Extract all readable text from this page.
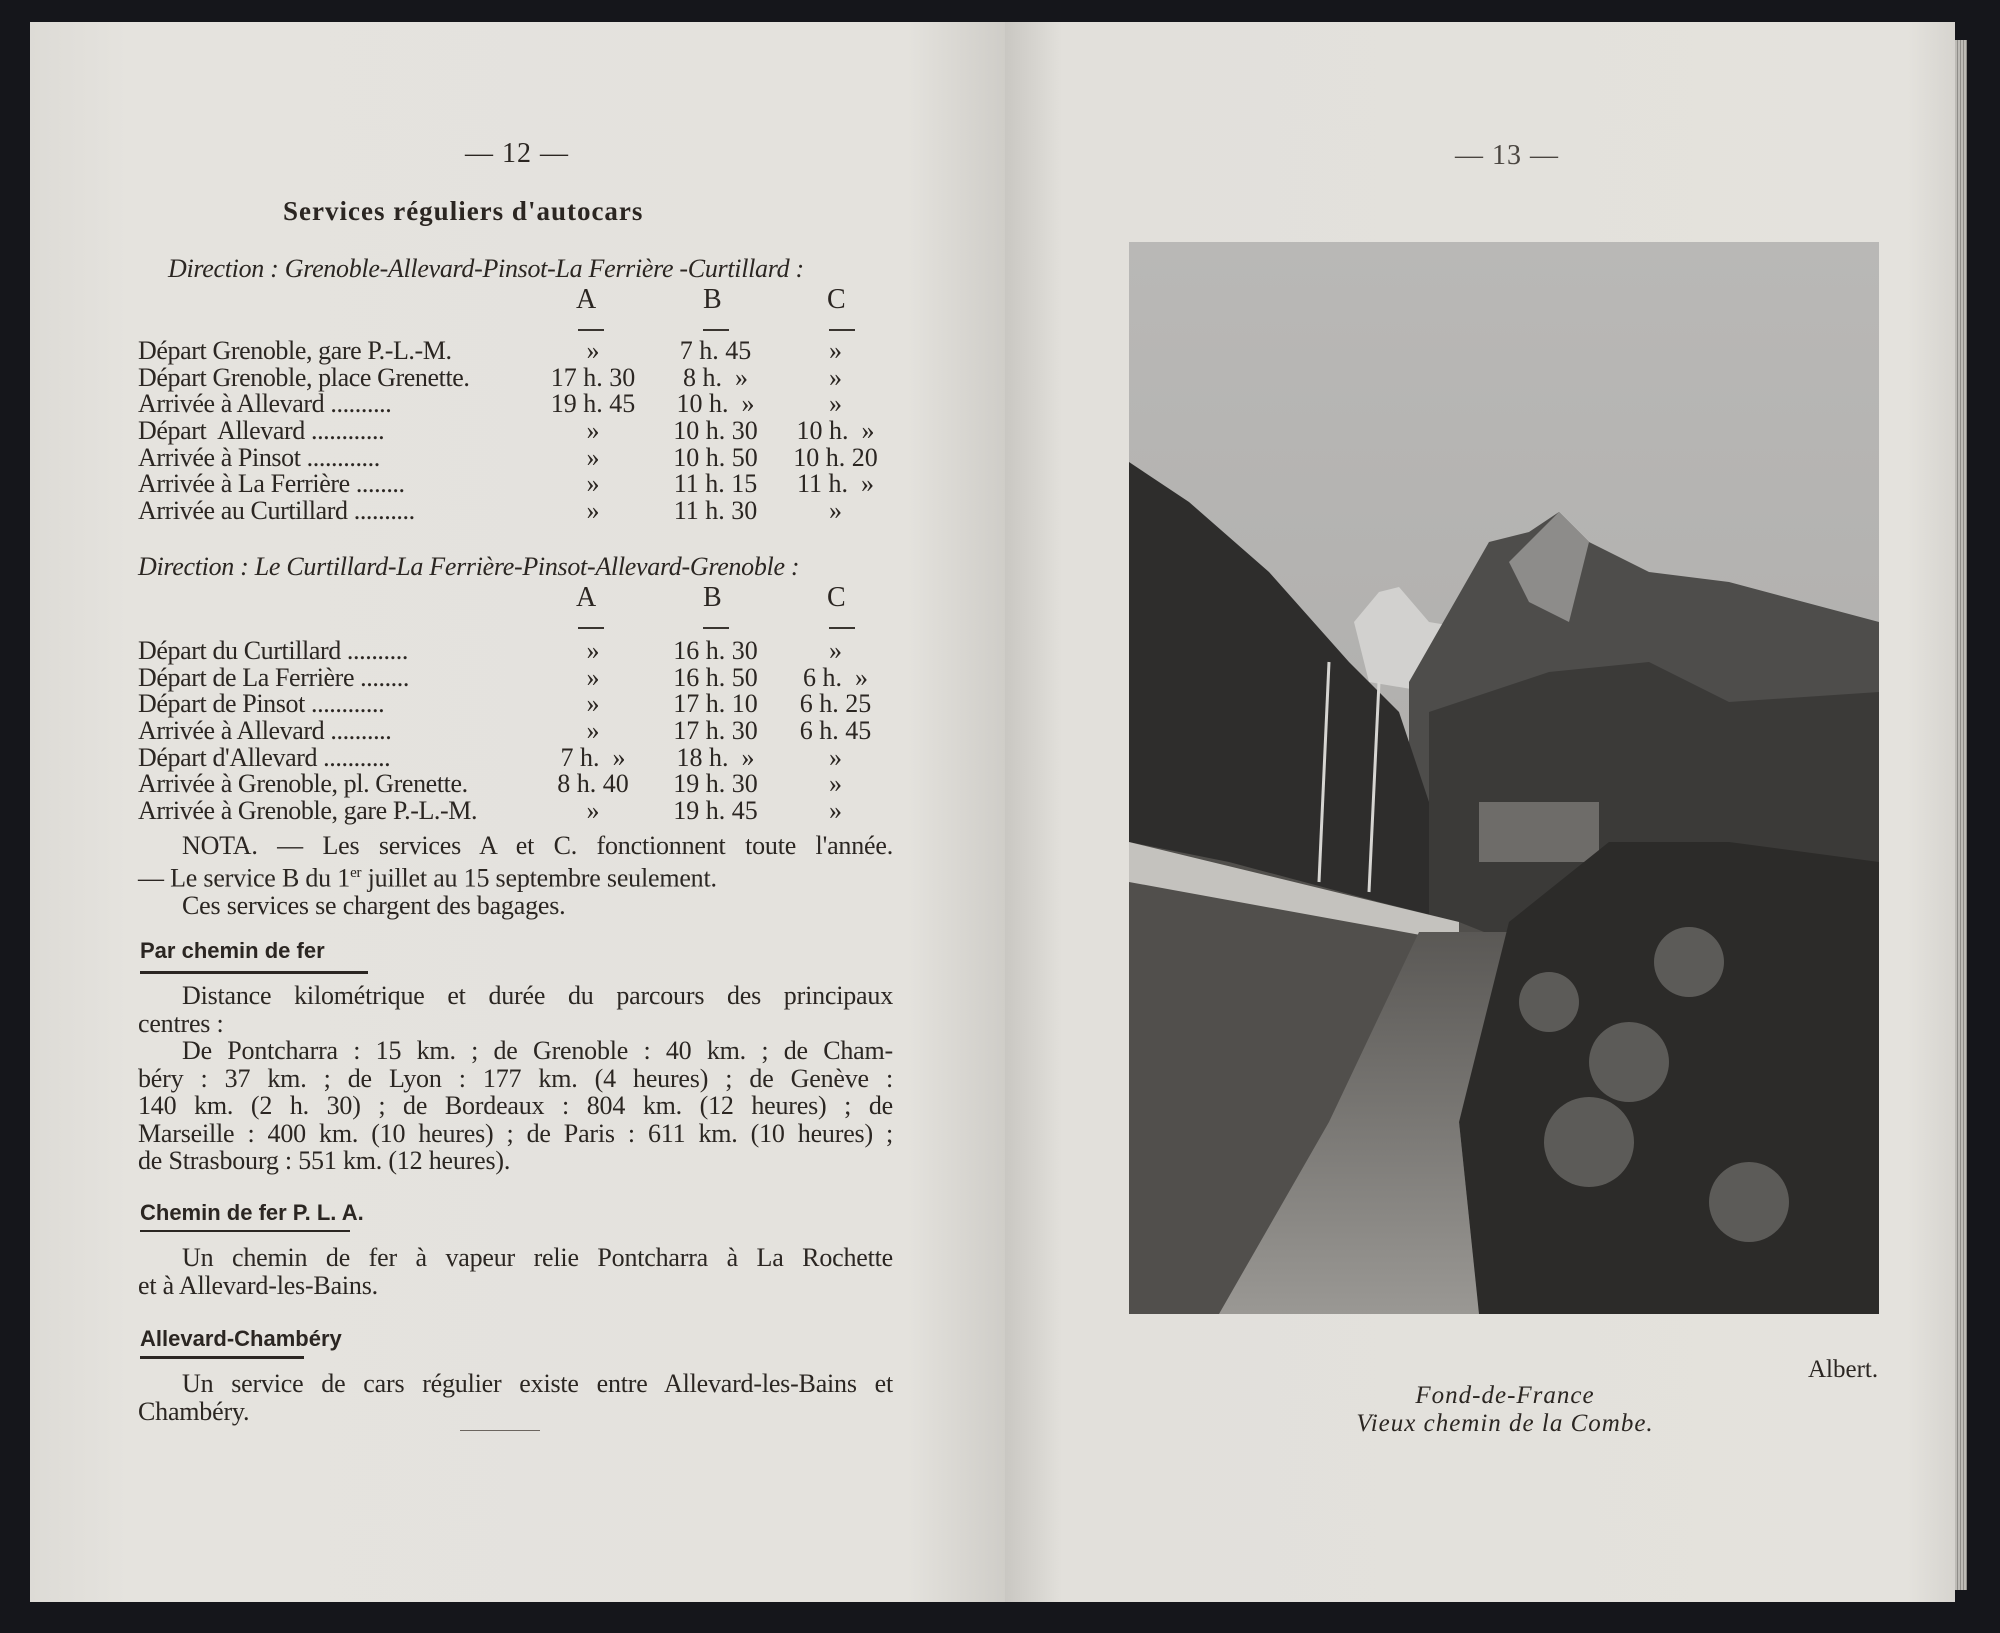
— 12 —
Services réguliers d'autocars
Direction : Grenoble-Allevard-Pinsot-La Ferrière -Curtillard :
A	B	C
Départ Grenoble, gare P.-L.-M.	»	7 h. 45	»
Départ Grenoble, place Grenette.	17 h. 30	8 h.  »	»
Arrivée à Allevard ..........	19 h. 45	10 h.  »	»
Départ  Allevard ............	»	10 h. 30	10 h.  »
Arrivée à Pinsot ............	»	10 h. 50	10 h. 20
Arrivée à La Ferrière ........	»	11 h. 15	11 h.  »
Arrivée au Curtillard ..........	»	11 h. 30	»
Direction : Le Curtillard-La Ferrière-Pinsot-Allevard-Grenoble :
A	B	C
Départ du Curtillard ..........	»	16 h. 30	»
Départ de La Ferrière ........	»	16 h. 50	6 h.  »
Départ de Pinsot ............	»	17 h. 10	6 h. 25
Arrivée à Allevard ..........	»	17 h. 30	6 h. 45
Départ d'Allevard ...........	7 h.  »	18 h.  »	»
Arrivée à Grenoble, pl. Grenette.	8 h. 40	19 h. 30	»
Arrivée à Grenoble, gare P.-L.-M.	»	19 h. 45	»
NOTA. — Les services A et C. fonctionnent toute l'année.
— Le service B du 1er juillet au 15 septembre seulement.
Ces services se chargent des bagages.
Par chemin de fer
Distance kilométrique et durée du parcours des principaux
centres :
De Pontcharra : 15 km. ; de Grenoble : 40 km. ; de Cham-
béry : 37 km. ; de Lyon : 177 km. (4 heures) ; de Genève :
140 km. (2 h. 30) ; de Bordeaux : 804 km. (12 heures) ; de
Marseille : 400 km. (10 heures) ; de Paris : 611 km. (10 heures) ;
de Strasbourg : 551 km. (12 heures).
Chemin de fer P. L. A.
Un chemin de fer à vapeur relie Pontcharra à La Rochette
et à Allevard-les-Bains.
Allevard-Chambéry
Un service de cars régulier existe entre Allevard-les-Bains et
Chambéry.
— 13 —
Albert.
Fond-de-France
Vieux chemin de la Combe.
